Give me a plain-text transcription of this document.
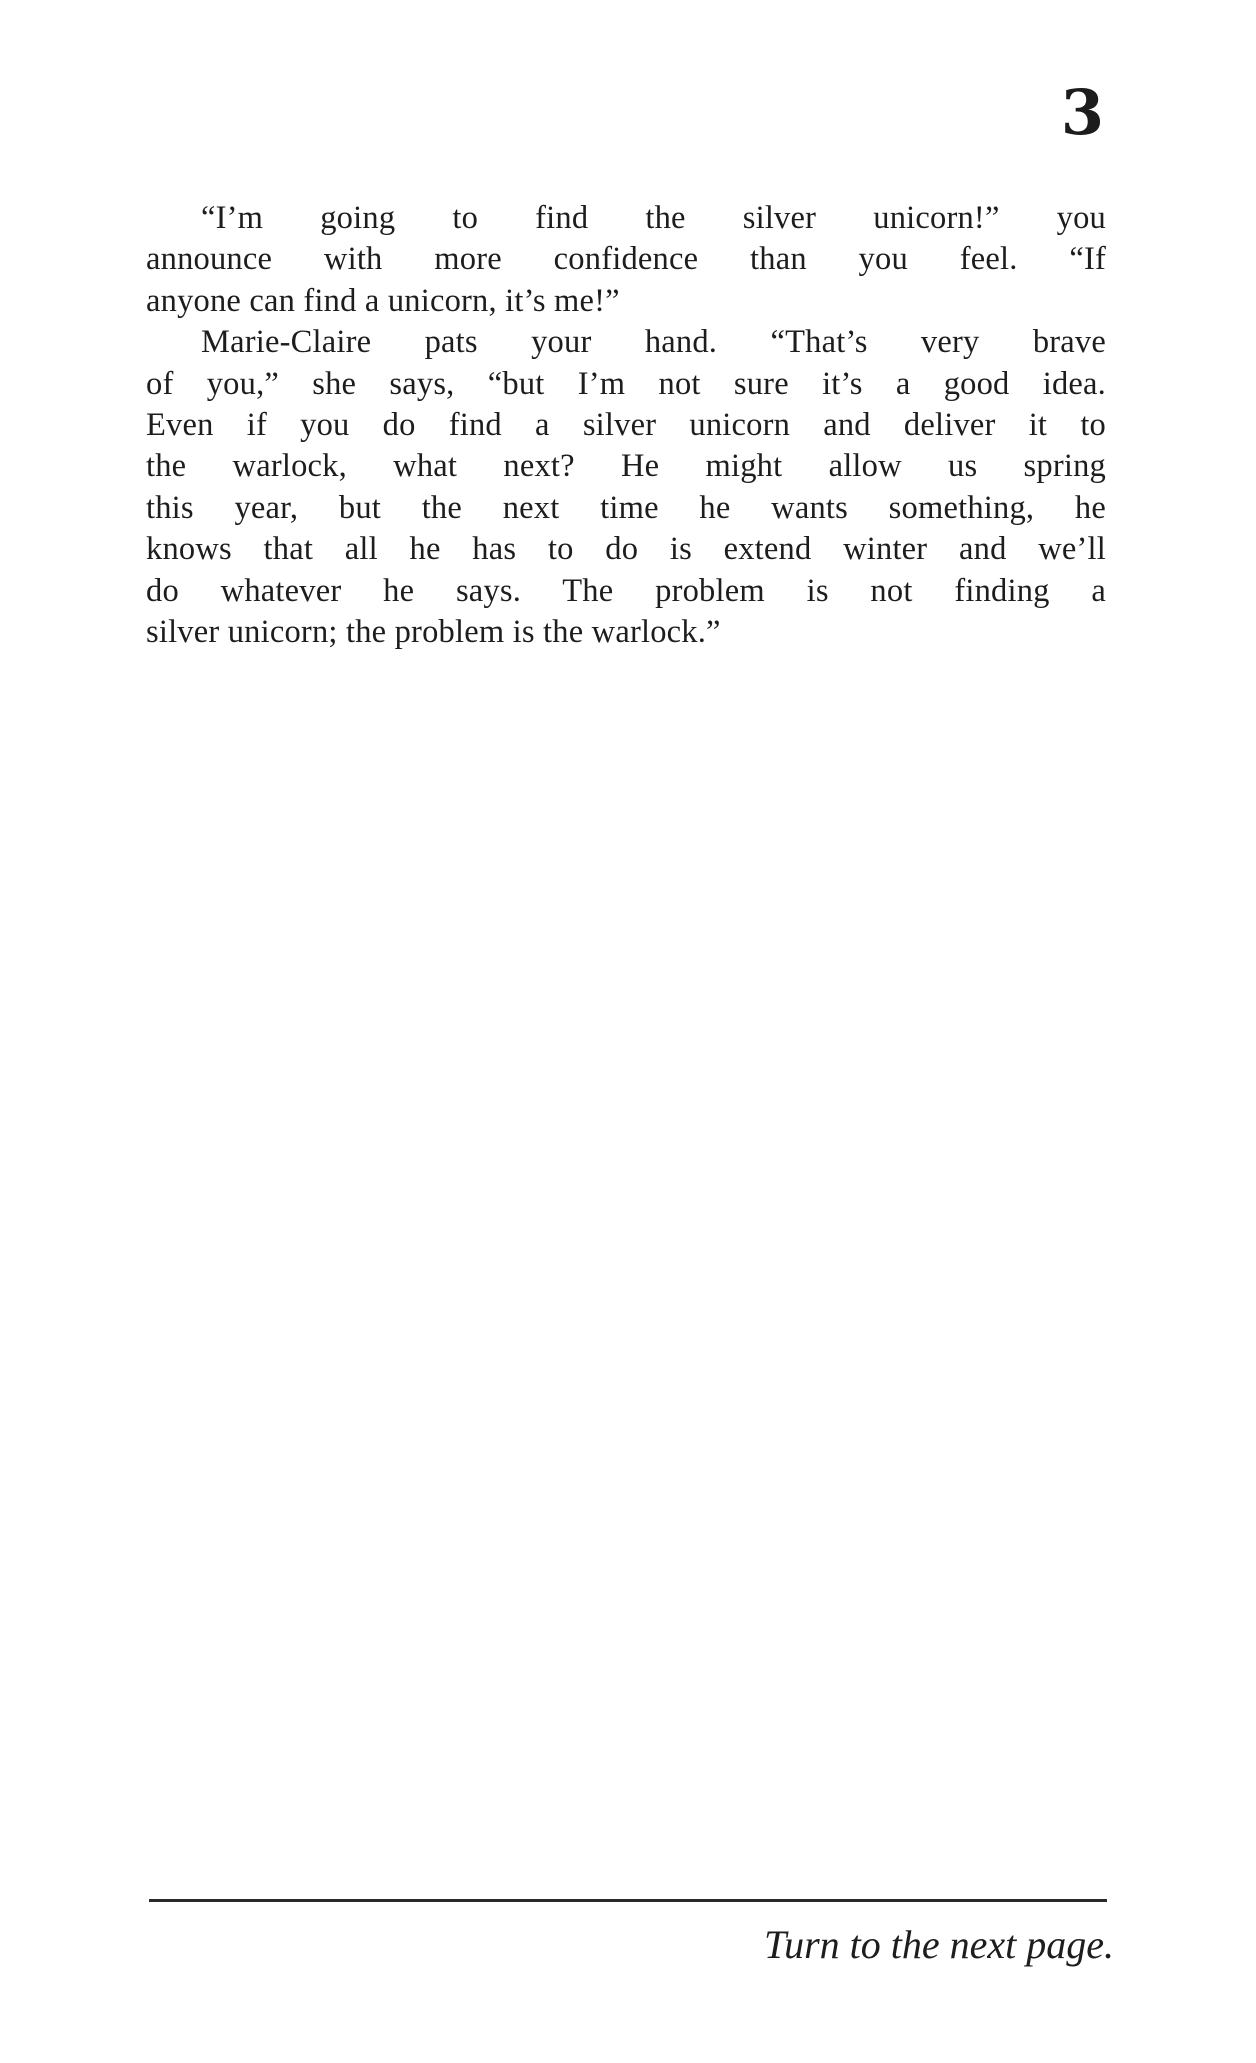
3
“I’m going to find the silver unicorn!” you
announce with more confidence than you feel. “If
anyone can find a unicorn, it’s me!”
Marie-Claire pats your hand. “That’s very brave
of you,” she says, “but I’m not sure it’s a good idea.
Even if you do find a silver unicorn and deliver it to
the warlock, what next? He might allow us spring
this year, but the next time he wants something, he
knows that all he has to do is extend winter and we’ll
do whatever he says. The problem is not finding a
silver unicorn; the problem is the warlock.”
Turn to the next page.
